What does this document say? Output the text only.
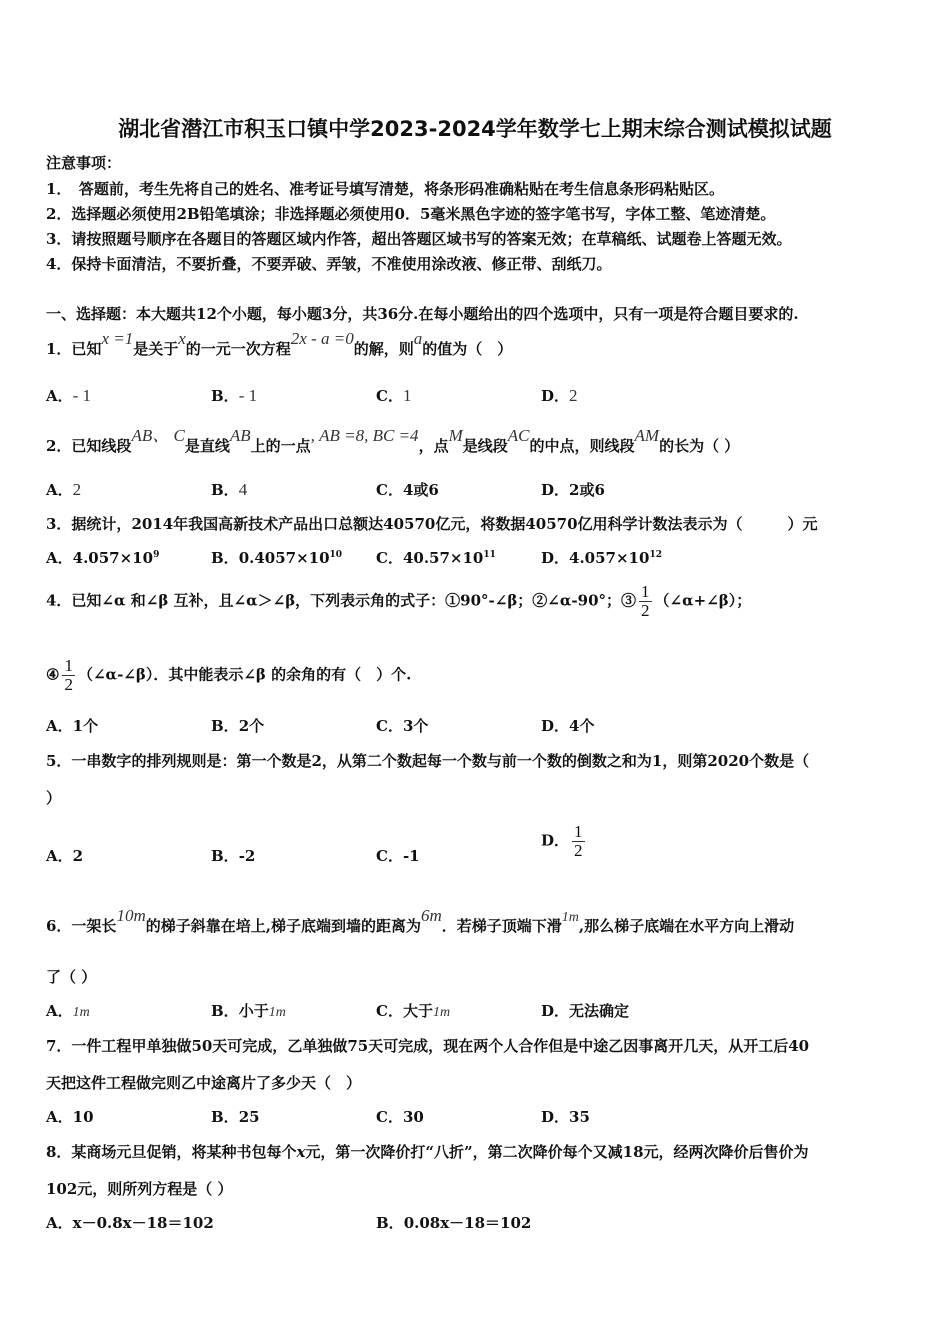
湖北省潜江市积玉口镇中学2023-2024学年数学七上期末综合测试模拟试题
注意事项：
1．　答题前，考生先将自己的姓名、准考证号填写清楚，将条形码准确粘贴在考生信息条形码粘贴区。
2．选择题必须使用2B铅笔填涂；非选择题必须使用0．5毫米黑色字迹的签字笔书写，字体工整、笔迹清楚。
3．请按照题号顺序在各题目的答题区域内作答，超出答题区域书写的答案无效；在草稿纸、试题卷上答题无效。
4．保持卡面清洁，不要折叠，不要弄破、弄皱，不准使用涂改液、修正带、刮纸刀。
一、选择题：本大题共12个小题，每小题3分，共36分.在每小题给出的四个选项中，只有一项是符合题目要求的.
1．已知x =1是关于x的一元一次方程2x - a =0的解，则a的值为（　）
A．- 1	B．- 1	C．1	D．2
2．已知线段AB、 C是直线AB上的一点, AB =8, BC =4，点M是线段AC的中点，则线段AM的长为（ ）
A．2	B．4	C．4或6	D．2或6
3．据统计，2014年我国高新技术产品出口总额达40570亿元，将数据40570亿用科学计数法表示为（　　　）元
A．$4.057\times 10^9$	B．$0.4057\times 10^{10}$ C．$40.57\times 10^{11}$	D．$4.057\times 10^{12}$
4．已知∠α 和∠β 互补，且∠α＞∠β，下列表示角的式子：①90°-∠β；②∠α-90°；③ $\frac{1}{2}$ （∠α+∠β）；
④ $\frac{1}{2}$ （∠α-∠β）．其中能表示∠β 的余角的有（　）个.
A．1个	B．2个	C．3个	D．4个
5．一串数字的排列规则是：第一个数是2，从第二个数起每一个数与前一个数的倒数之和为1，则第2020个数是（
）
A．2	B．-2	C．-1
D． $\frac{1}{2}$
6．一架长10m的梯子斜靠在培上,梯子底端到墙的距离为6m．若梯子顶端下滑1m,那么梯子底端在水平方向上滑动
了（ ）
A．1m	B．小于1m	C．大于1m	D．无法确定
7．一件工程甲单独做50天可完成，乙单独做75天可完成，现在两个人合作但是中途乙因事离开几天，从开工后40
天把这件工程做完则乙中途离片了多少天（　）
A．10	B．25	C．30	D．35
8．某商场元旦促销，将某种书包每个x元，第一次降价打“八折”，第二次降价每个又减18元，经两次降价后售价为
102元，则所列方程是（ ）
A．x－0.8x－18＝102	B．0.08x－18＝102
